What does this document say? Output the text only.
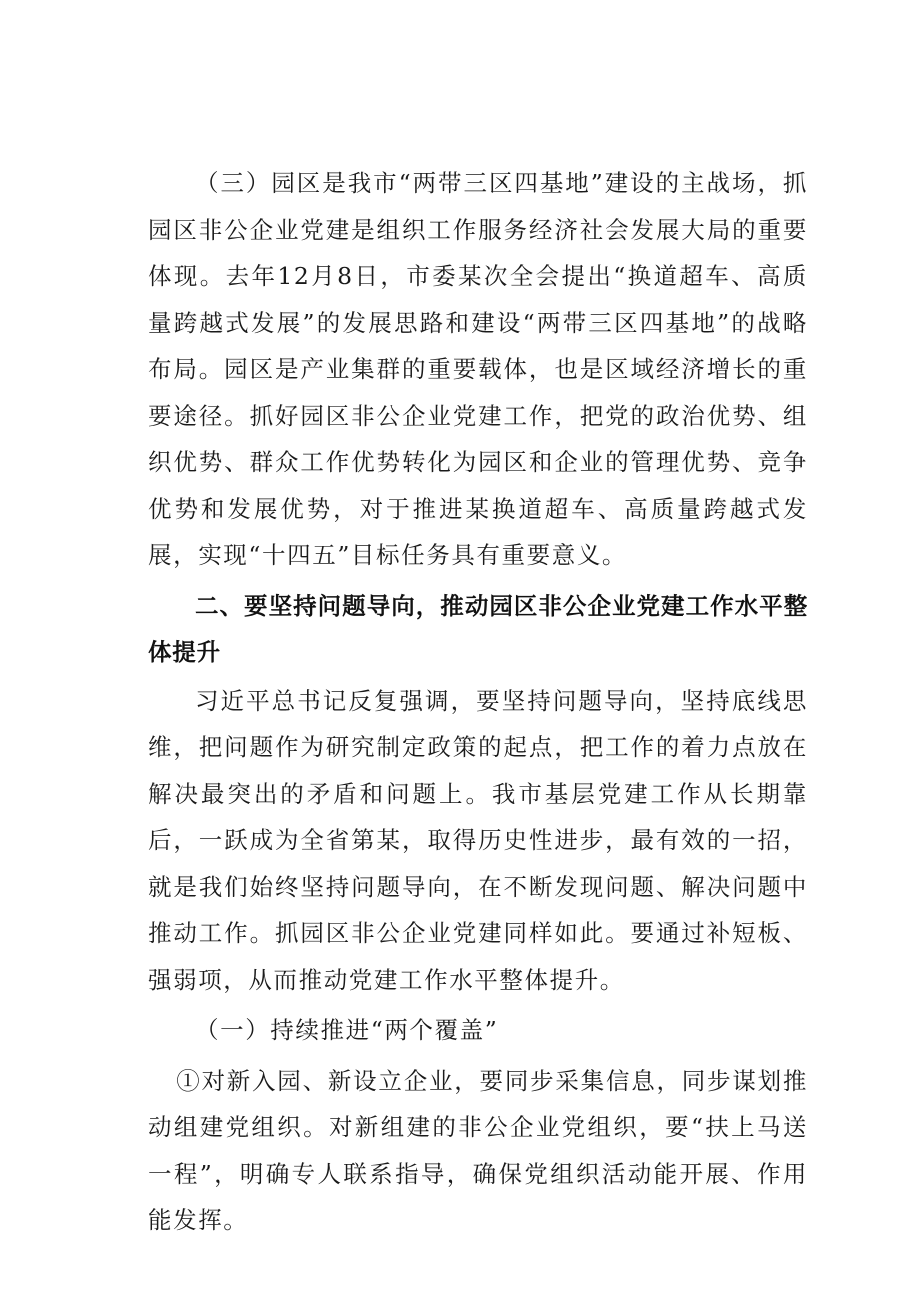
（三）园区是我市“两带三区四基地”建设的主战场，抓园区非公企业党建是组织工作服务经济社会发展大局的重要体现。去年12月8日，市委某次全会提出“换道超车、高质量跨越式发展”的发展思路和建设“两带三区四基地”的战略布局。园区是产业集群的重要载体，也是区域经济增长的重要途径。抓好园区非公企业党建工作，把党的政治优势、组织优势、群众工作优势转化为园区和企业的管理优势、竞争优势和发展优势，对于推进某换道超车、高质量跨越式发展，实现“十四五”目标任务具有重要意义。

二、要坚持问题导向，推动园区非公企业党建工作水平整体提升

习近平总书记反复强调，要坚持问题导向，坚持底线思维，把问题作为研究制定政策的起点，把工作的着力点放在解决最突出的矛盾和问题上。我市基层党建工作从长期靠后，一跃成为全省第某，取得历史性进步，最有效的一招，就是我们始终坚持问题导向，在不断发现问题、解决问题中推动工作。抓园区非公企业党建同样如此。要通过补短板、强弱项，从而推动党建工作水平整体提升。

（一）持续推进“两个覆盖”

①对新入园、新设立企业，要同步采集信息，同步谋划推动组建党组织。对新组建的非公企业党组织，要“扶上马送一程”，明确专人联系指导，确保党组织活动能开展、作用能发挥。
